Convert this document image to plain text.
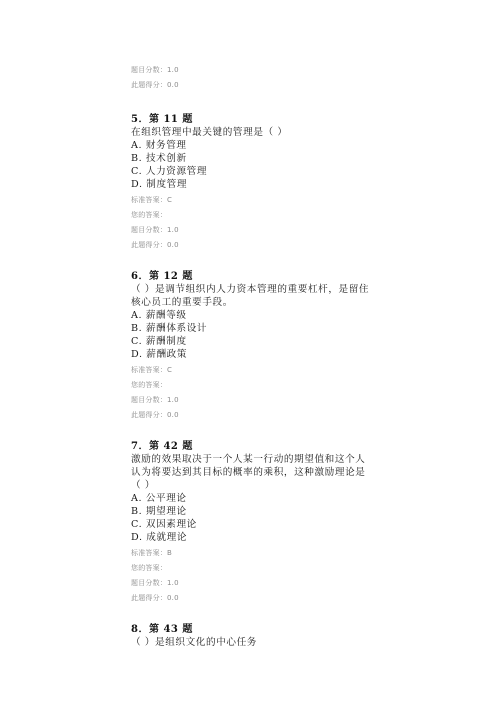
题目分数：1.0
此题得分：0.0
5．第 11 题
在组织管理中最关键的管理是（ ）
A. 财务管理
B. 技术创新
C. 人力资源管理
D. 制度管理
标准答案：C
您的答案：
题目分数：1.0
此题得分：0.0
6．第 12 题
（ ）是调节组织内人力资本管理的重要杠杆，是留住
核心员工的重要手段。
A. 薪酬等级
B. 薪酬体系设计
C. 薪酬制度
D. 薪酬政策
标准答案：C
您的答案：
题目分数：1.0
此题得分：0.0
7．第 42 题
激励的效果取决于一个人某一行动的期望值和这个人
认为将要达到其目标的概率的乘积，这种激励理论是
（ ）
A. 公平理论
B. 期望理论
C. 双因素理论
D. 成就理论
标准答案：B
您的答案：
题目分数：1.0
此题得分：0.0
8．第 43 题
（ ）是组织文化的中心任务
